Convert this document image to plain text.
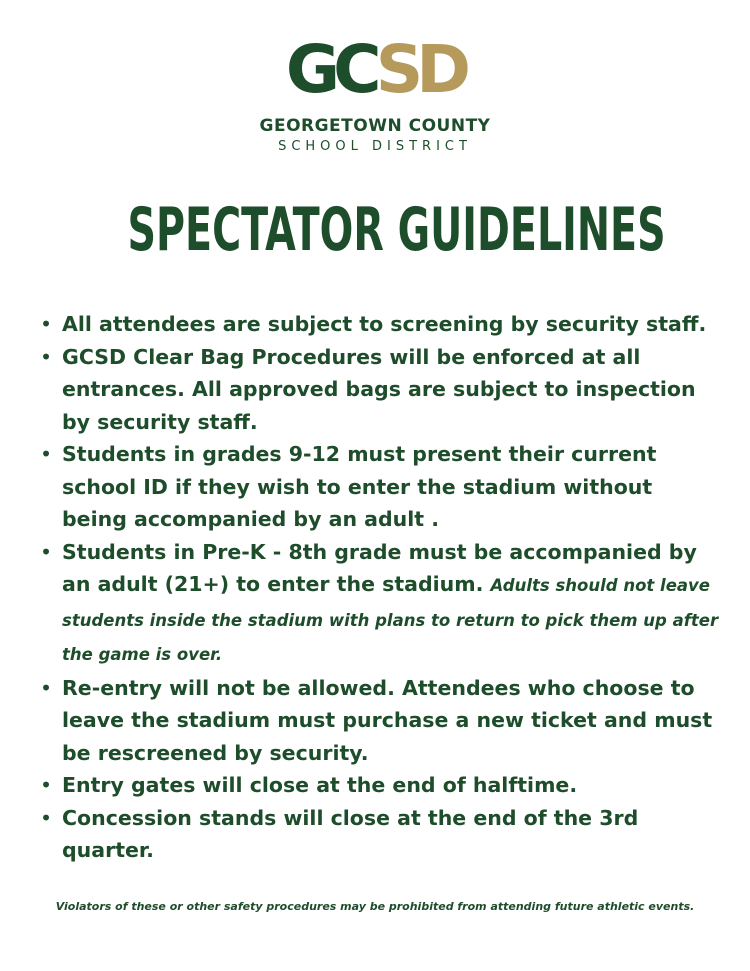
GCSD
GEORGETOWN COUNTY
SCHOOL DISTRICT
SPECTATOR GUIDELINES
• All attendees are subject to screening by security staff.
• GCSD Clear Bag Procedures will be enforced at all entrances. All approved bags are subject to inspection by security staff.
• Students in grades 9-12 must present their current school ID if they wish to enter the stadium without being accompanied by an adult .
• Students in Pre-K - 8th grade must be accompanied by an adult (21+) to enter the stadium. Adults should not leave students inside the stadium with plans to return to pick them up after the game is over.
• Re-entry will not be allowed. Attendees who choose to leave the stadium must purchase a new ticket and must be rescreened by security.
• Entry gates will close at the end of halftime.
• Concession stands will close at the end of the 3rd quarter.
Violators of these or other safety procedures may be prohibited from attending future athletic events.
